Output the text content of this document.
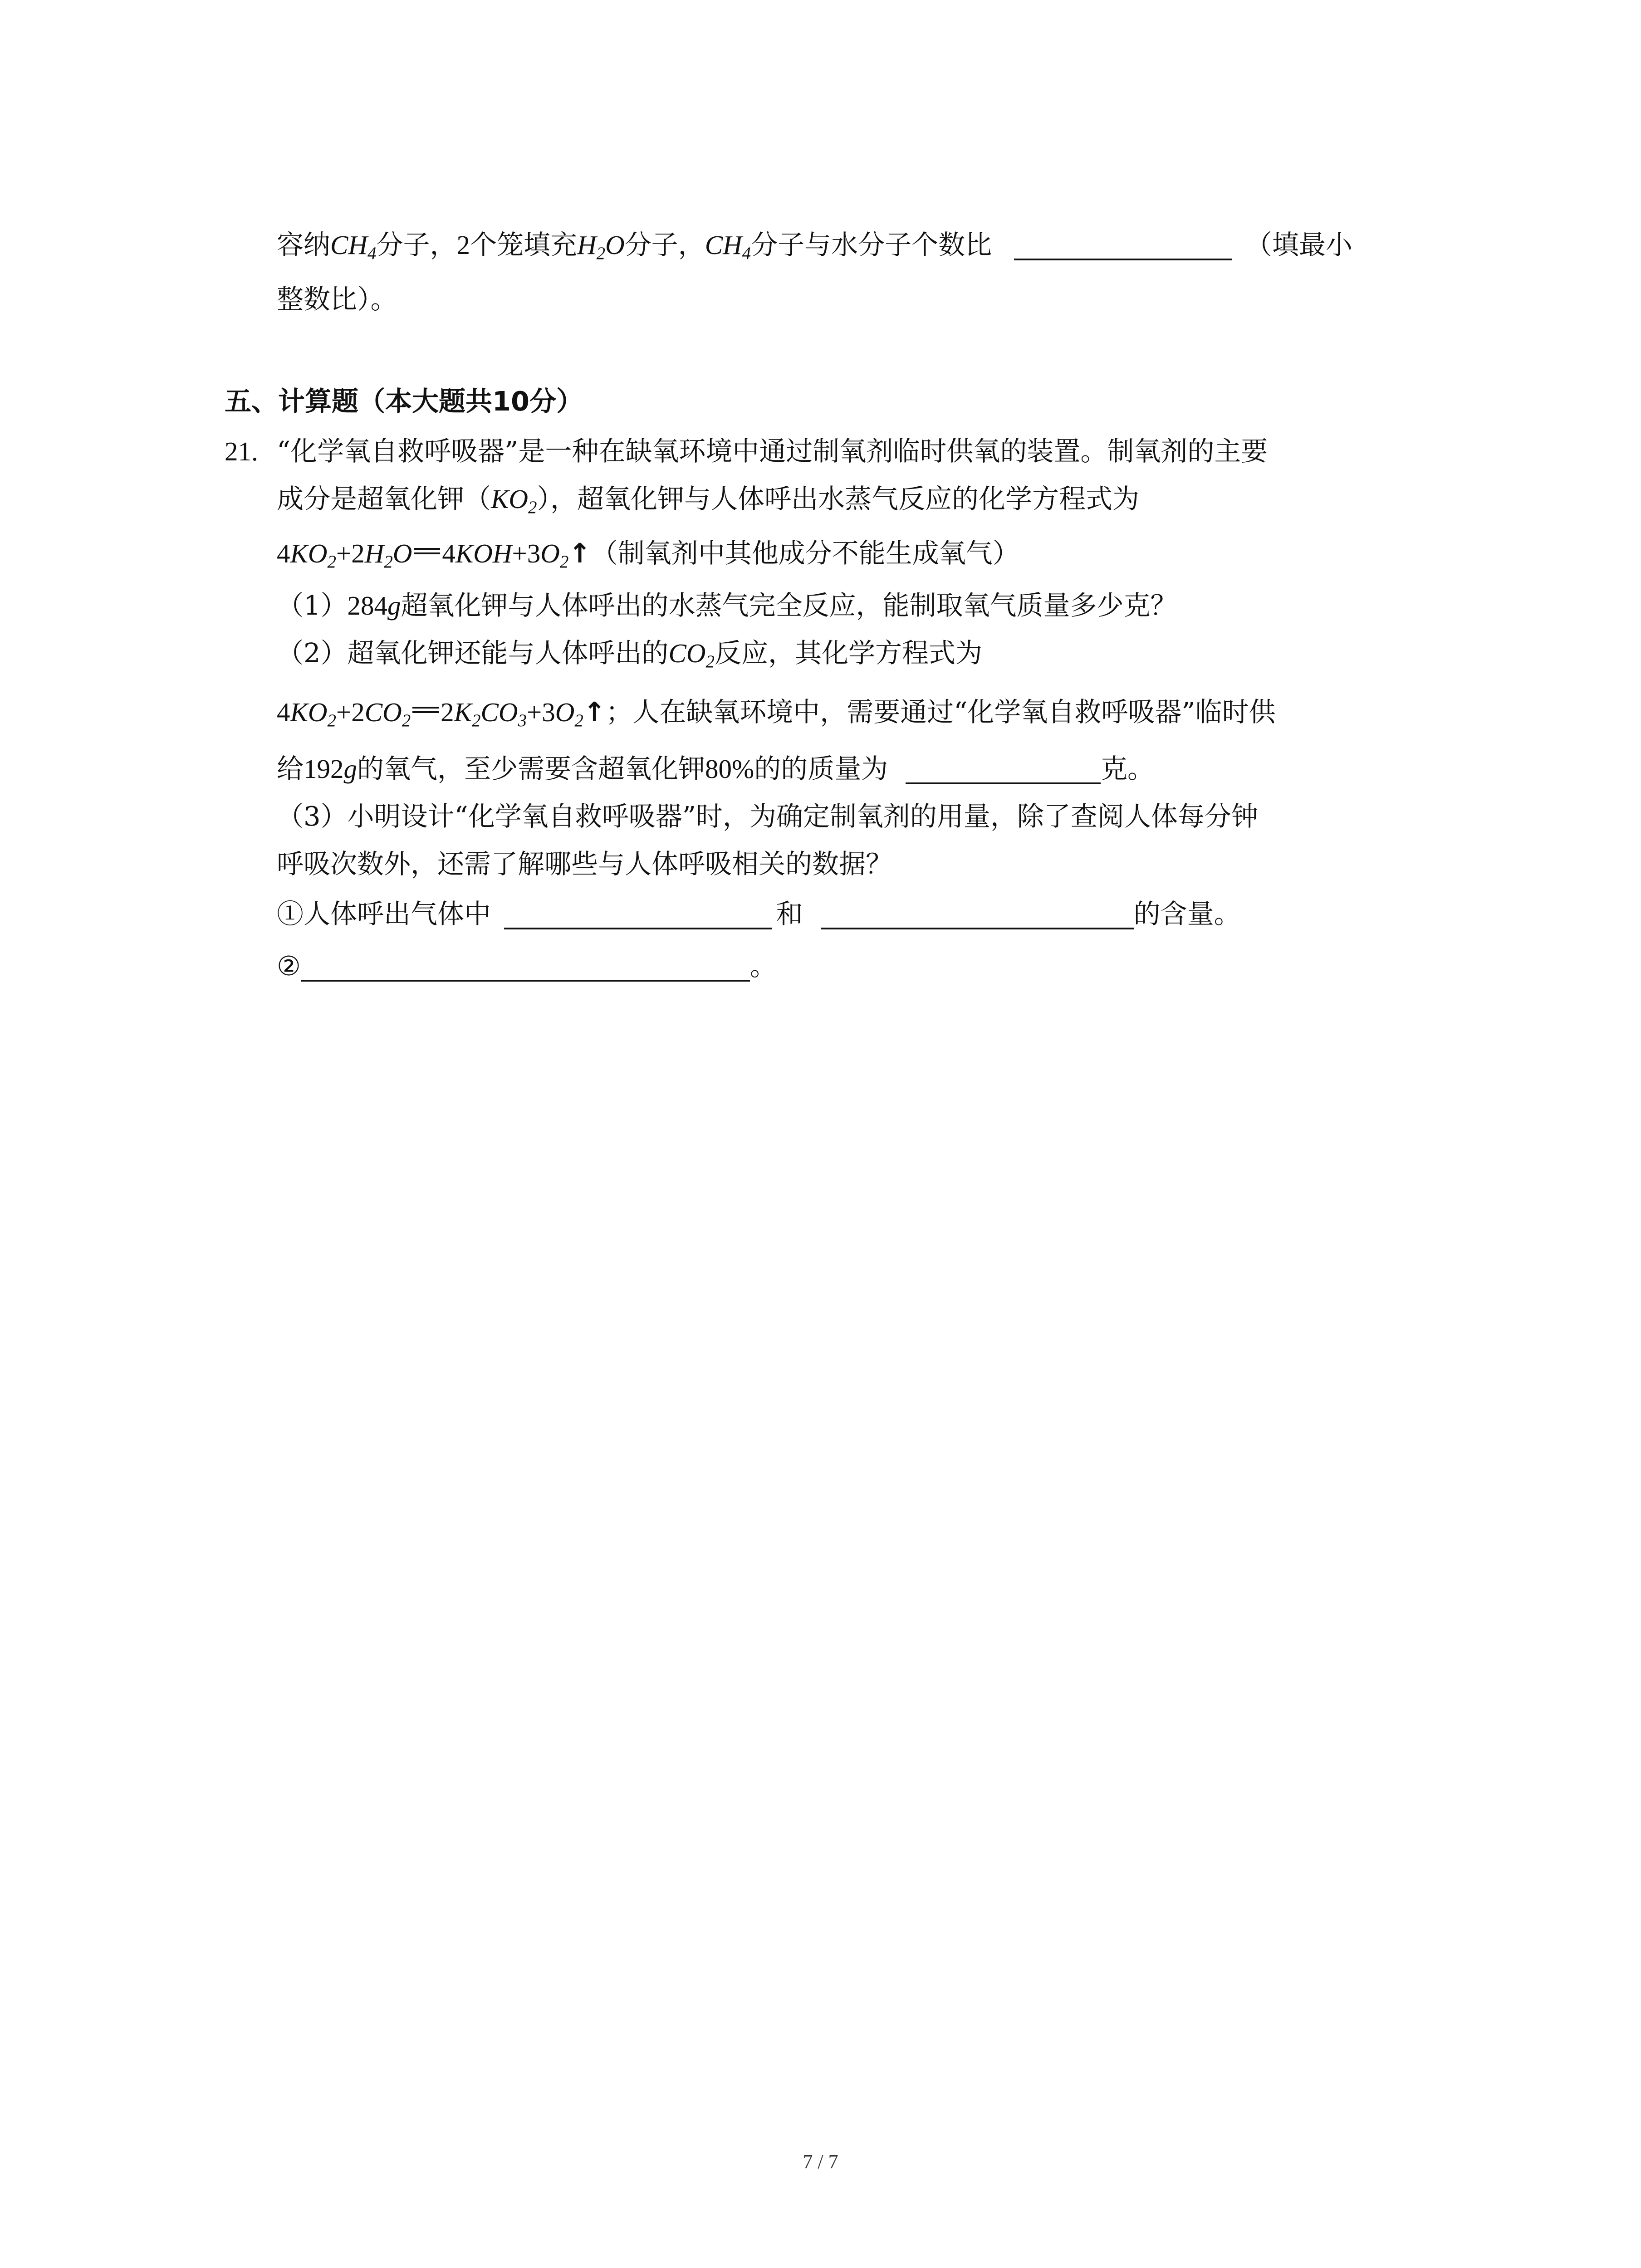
容纳$CH_4$分子，2个笼填充$H_2O$分子，$CH_4$分子与水分子个数比	（填最小
整数比）。
五、计算题（本大题共10分）
21. “化学氧自救呼吸器”是一种在缺氧环境中通过制氧剂临时供氧的装置。制氧剂的主要
成分是超氧化钾$(KO_2)$，超氧化钾与人体呼出水蒸气反应的化学方程式为
$4KO_2+2H_2O$ $4KOH+3O_2↑$（制氧剂中其他成分不能生成氧气）
（1）284g超氧化钾与人体呼出的水蒸气完全反应，能制取氧气质量多少克？
（2）超氧化钾还能与人体呼出的$CO_2$反应，其化学方程式为
$4KO_2+2CO_2$ $2K_2CO_3+3O_2↑$；人在缺氧环境中，需要通过“化学氧自救呼吸器”临时供
给192g的氧气，至少需要含超氧化钾80%的的质量为	克。
（3）小明设计“化学氧自救呼吸器”时，为确定制氧剂的用量，除了查阅人体每分钟
呼吸次数外，还需了解哪些与人体呼吸相关的数据？
①人体呼出气体中	和	的含量。
②	。
7 / 7
